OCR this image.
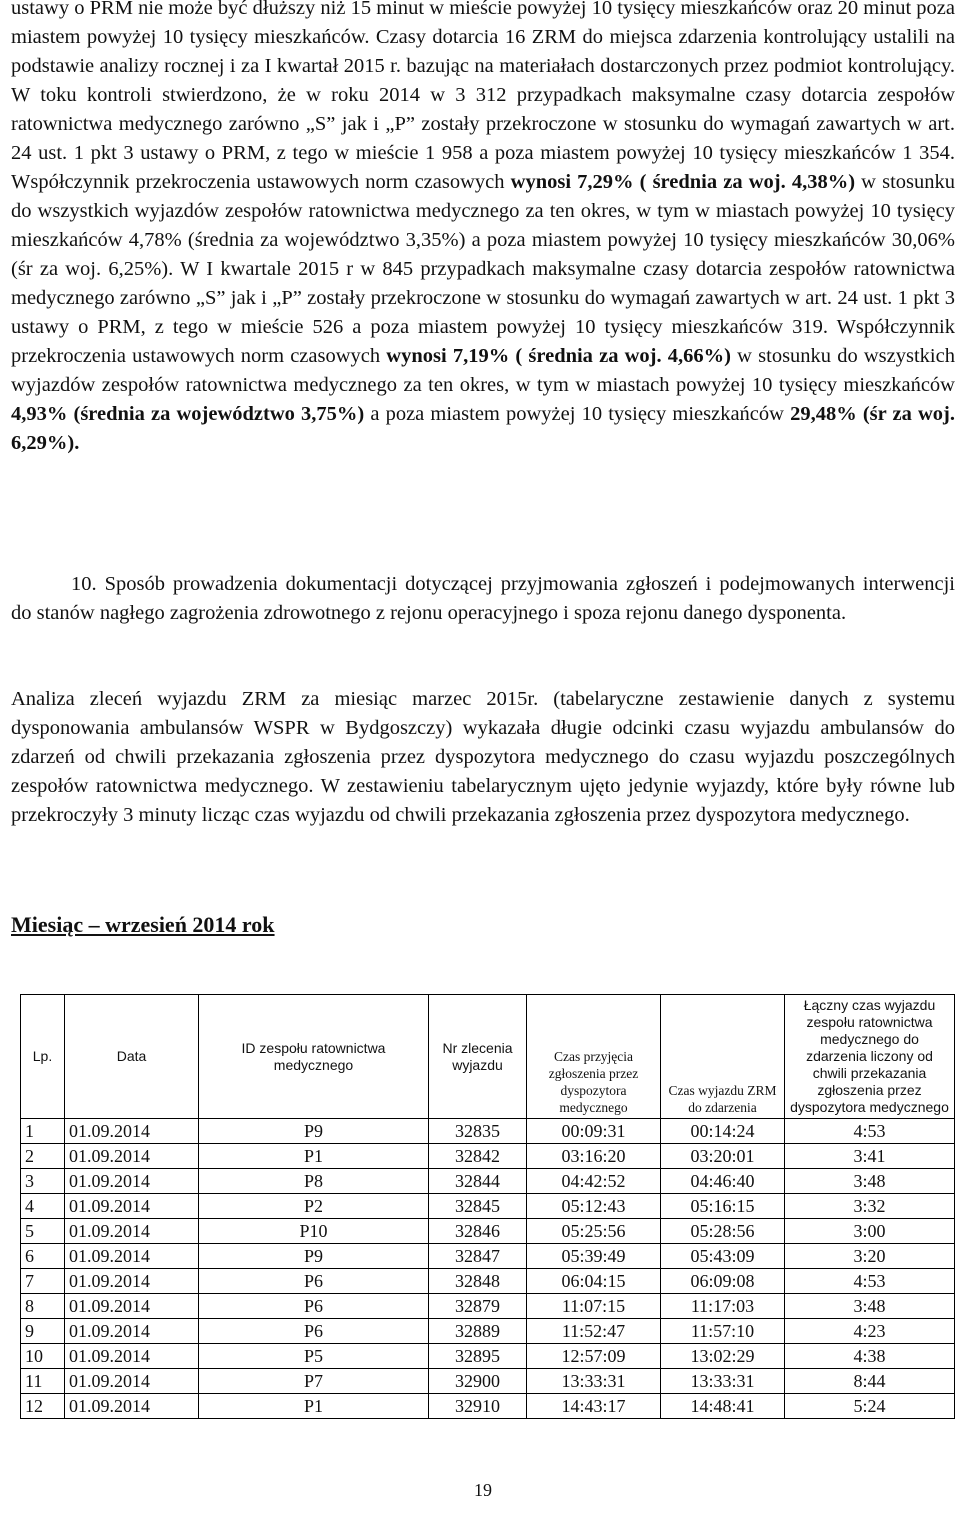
ustawy o PRM nie może być dłuższy niż 15 minut w mieście powyżej 10 tysięcy mieszkańców oraz 20 minut poza miastem powyżej 10 tysięcy mieszkańców. Czasy dotarcia 16 ZRM do miejsca zdarzenia kontrolujący ustalili na podstawie analizy rocznej i za I kwartał 2015 r. bazując na materiałach dostarczonych przez podmiot kontrolujący. W toku kontroli stwierdzono, że w roku 2014 w 3 312 przypadkach maksymalne czasy dotarcia zespołów ratownictwa medycznego zarówno „S” jak i „P” zostały przekroczone w stosunku do wymagań zawartych w art. 24 ust. 1 pkt 3 ustawy o PRM, z tego w mieście 1 958 a poza miastem powyżej 10 tysięcy mieszkańców 1 354. Współczynnik przekroczenia ustawowych norm czasowych wynosi 7,29% ( średnia za woj. 4,38%) w stosunku do wszystkich wyjazdów zespołów ratownictwa medycznego za ten okres, w tym w miastach powyżej 10 tysięcy mieszkańców 4,78% (średnia za województwo 3,35%) a poza miastem powyżej 10 tysięcy mieszkańców 30,06% (śr za woj. 6,25%). W I kwartale 2015 r w 845 przypadkach maksymalne czasy dotarcia zespołów ratownictwa medycznego zarówno „S” jak i „P” zostały przekroczone w stosunku do wymagań zawartych w art. 24 ust. 1 pkt 3 ustawy o PRM, z tego w mieście 526 a poza miastem powyżej 10 tysięcy mieszkańców 319. Współczynnik przekroczenia ustawowych norm czasowych wynosi 7,19% ( średnia za woj. 4,66%) w stosunku do wszystkich wyjazdów zespołów ratownictwa medycznego za ten okres, w tym w miastach powyżej 10 tysięcy mieszkańców 4,93% (średnia za województwo 3,75%) a poza miastem powyżej 10 tysięcy mieszkańców 29,48% (śr za woj. 6,29%).

10. Sposób prowadzenia dokumentacji dotyczącej przyjmowania zgłoszeń i podejmowanych interwencji do stanów nagłego zagrożenia zdrowotnego z rejonu operacyjnego i spoza rejonu danego dysponenta.

Analiza zleceń wyjazdu ZRM za miesiąc marzec 2015r. (tabelaryczne zestawienie danych z systemu dysponowania ambulansów WSPR w Bydgoszczy) wykazała długie odcinki czasu wyjazdu ambulansów do zdarzeń od chwili przekazania zgłoszenia przez dyspozytora medycznego do czasu wyjazdu poszczególnych zespołów ratownictwa medycznego. W zestawieniu tabelarycznym ujęto jedynie wyjazdy, które były równe lub przekroczyły 3 minuty licząc czas wyjazdu od chwili przekazania zgłoszenia przez dyspozytora medycznego.

Miesiąc – wrzesień 2014 rok

Lp.	Data	ID zespołu ratownictwa medycznego	Nr zlecenia wyjazdu	Czas przyjęcia zgłoszenia przez dyspozytora medycznego	Czas wyjazdu ZRM do zdarzenia	Łączny czas wyjazdu zespołu ratownictwa medycznego do zdarzenia liczony od chwili przekazania zgłoszenia przez dyspozytora medycznego
1	01.09.2014	P9	32835	00:09:31	00:14:24	4:53
2	01.09.2014	P1	32842	03:16:20	03:20:01	3:41
3	01.09.2014	P8	32844	04:42:52	04:46:40	3:48
4	01.09.2014	P2	32845	05:12:43	05:16:15	3:32
5	01.09.2014	P10	32846	05:25:56	05:28:56	3:00
6	01.09.2014	P9	32847	05:39:49	05:43:09	3:20
7	01.09.2014	P6	32848	06:04:15	06:09:08	4:53
8	01.09.2014	P6	32879	11:07:15	11:17:03	3:48
9	01.09.2014	P6	32889	11:52:47	11:57:10	4:23
10	01.09.2014	P5	32895	12:57:09	13:02:29	4:38
11	01.09.2014	P7	32900	13:33:31	13:33:31	8:44
12	01.09.2014	P1	32910	14:43:17	14:48:41	5:24
19
